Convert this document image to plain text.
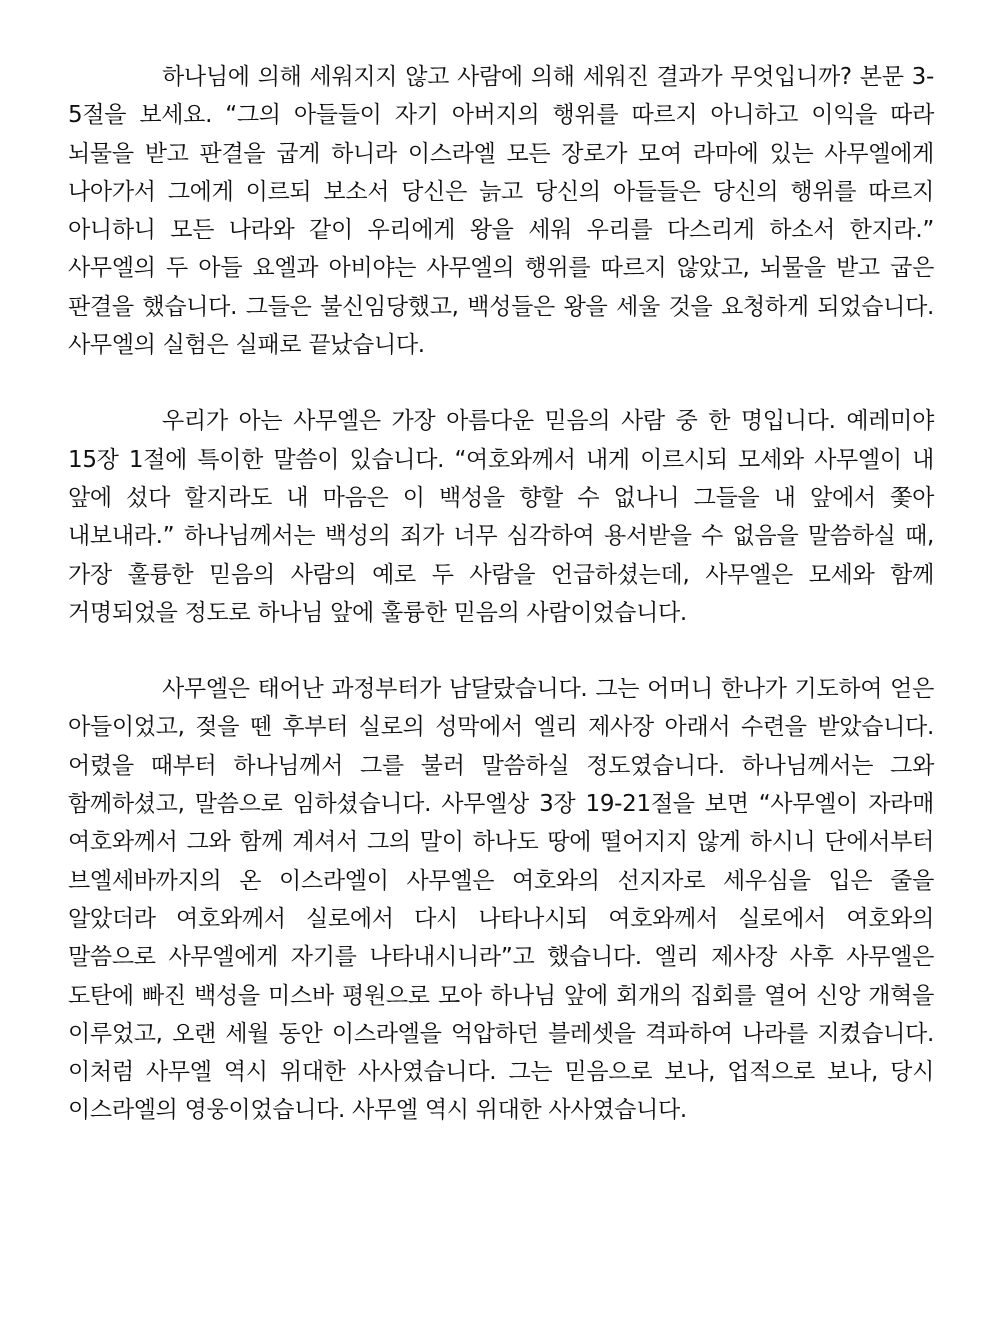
하나님에 의해 세워지지 않고 사람에 의해 세워진 결과가 무엇입니까? 본문 3-5절을 보세요. “그의 아들들이 자기 아버지의 행위를 따르지 아니하고 이익을 따라 뇌물을 받고 판결을 굽게 하니라 이스라엘 모든 장로가 모여 라마에 있는 사무엘에게 나아가서 그에게 이르되 보소서 당신은 늙고 당신의 아들들은 당신의 행위를 따르지 아니하니 모든 나라와 같이 우리에게 왕을 세워 우리를 다스리게 하소서 한지라.” 사무엘의 두 아들 요엘과 아비야는 사무엘의 행위를 따르지 않았고, 뇌물을 받고 굽은 판결을 했습니다. 그들은 불신임당했고, 백성들은 왕을 세울 것을 요청하게 되었습니다. 사무엘의 실험은 실패로 끝났습니다.

우리가 아는 사무엘은 가장 아름다운 믿음의 사람 중 한 명입니다. 예레미야 15장 1절에 특이한 말씀이 있습니다. “여호와께서 내게 이르시되 모세와 사무엘이 내 앞에 섰다 할지라도 내 마음은 이 백성을 향할 수 없나니 그들을 내 앞에서 쫓아 내보내라.” 하나님께서는 백성의 죄가 너무 심각하여 용서받을 수 없음을 말씀하실 때, 가장 훌륭한 믿음의 사람의 예로 두 사람을 언급하셨는데, 사무엘은 모세와 함께 거명되었을 정도로 하나님 앞에 훌륭한 믿음의 사람이었습니다.

사무엘은 태어난 과정부터가 남달랐습니다. 그는 어머니 한나가 기도하여 얻은 아들이었고, 젖을 뗀 후부터 실로의 성막에서 엘리 제사장 아래서 수련을 받았습니다. 어렸을 때부터 하나님께서 그를 불러 말씀하실 정도였습니다. 하나님께서는 그와 함께하셨고, 말씀으로 임하셨습니다. 사무엘상 3장 19-21절을 보면 “사무엘이 자라매 여호와께서 그와 함께 계셔서 그의 말이 하나도 땅에 떨어지지 않게 하시니 단에서부터 브엘세바까지의 온 이스라엘이 사무엘은 여호와의 선지자로 세우심을 입은 줄을 알았더라 여호와께서 실로에서 다시 나타나시되 여호와께서 실로에서 여호와의 말씀으로 사무엘에게 자기를 나타내시니라”고 했습니다. 엘리 제사장 사후 사무엘은 도탄에 빠진 백성을 미스바 평원으로 모아 하나님 앞에 회개의 집회를 열어 신앙 개혁을 이루었고, 오랜 세월 동안 이스라엘을 억압하던 블레셋을 격파하여 나라를 지켰습니다. 이처럼 사무엘 역시 위대한 사사였습니다. 그는 믿음으로 보나, 업적으로 보나, 당시 이스라엘의 영웅이었습니다. 사무엘 역시 위대한 사사였습니다.
